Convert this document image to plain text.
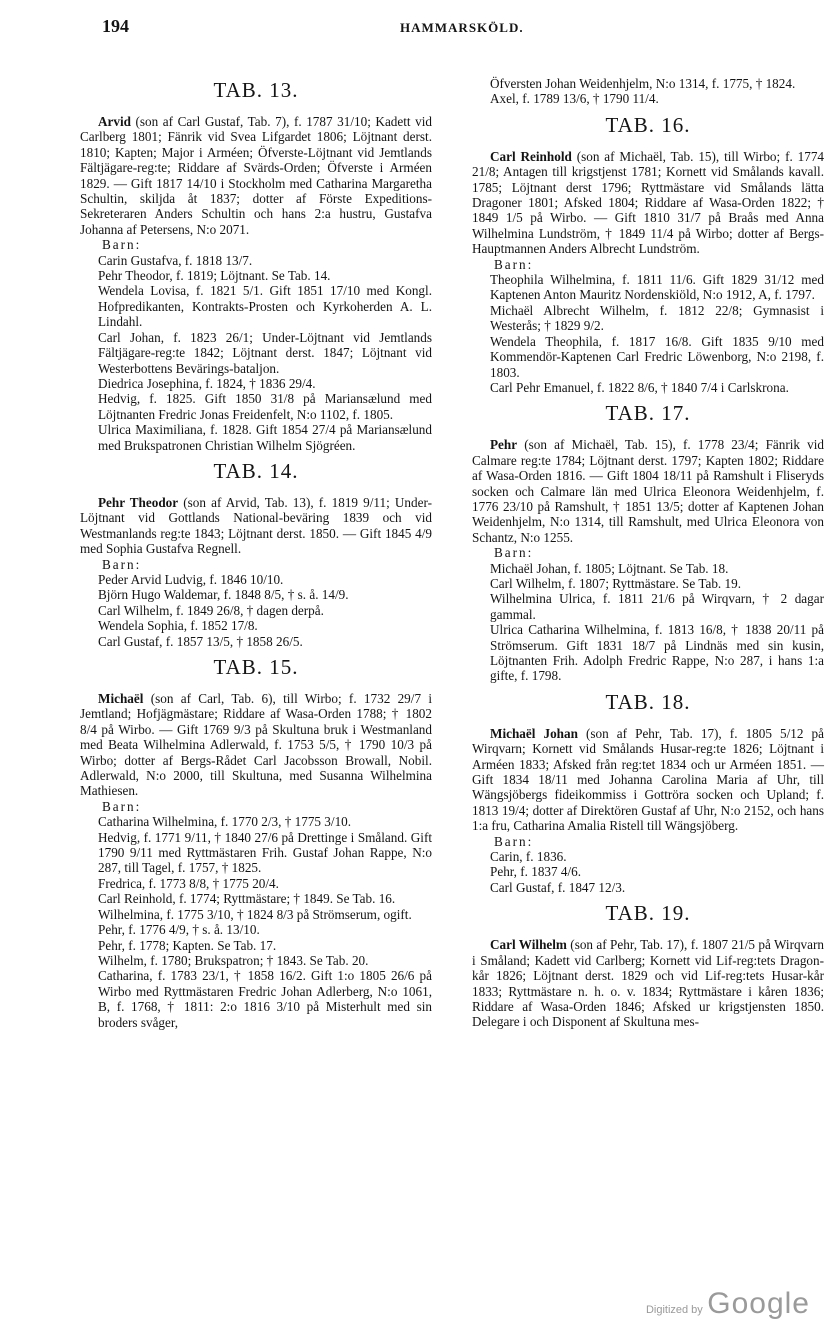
194	HAMMARSKÖLD.
TAB. 13.

Arvid (son af Carl Gustaf, Tab. 7), f. 1787 31/10; Kadett vid Carlberg 1801; Fänrik vid Svea Lifgardet 1806; Löjtnant derst. 1810; Kapten; Major i Arméen; Öfverste-Löjtnant vid Jemtlands Fältjägare-reg:te; Riddare af Svärds-Orden; Öfverste i Arméen 1829. — Gift 1817 14/10 i Stockholm med Catharina Margaretha Schultin, skiljda åt 1837; dotter af Förste Expeditions-Sekreteraren Anders Schultin och hans 2:a hustru, Gustafva Johanna af Petersens, N:o 2071.

Barn:

Carin Gustafva, f. 1818 13/7.

Pehr Theodor, f. 1819; Löjtnant. Se Tab. 14.

Wendela Lovisa, f. 1821 5/1. Gift 1851 17/10 med Kongl. Hofpredikanten, Kontrakts-Prosten och Kyrkoherden A. L. Lindahl.

Carl Johan, f. 1823 26/1; Under-Löjtnant vid Jemtlands Fältjägare-reg:te 1842; Löjtnant derst. 1847; Löjtnant vid Westerbottens Bevärings-bataljon.

Diedrica Josephina, f. 1824, † 1836 29/4.

Hedvig, f. 1825. Gift 1850 31/8 på Mariansælund med Löjtnanten Fredric Jonas Freidenfelt, N:o 1102, f. 1805.

Ulrica Maximiliana, f. 1828. Gift 1854 27/4 på Mariansælund med Brukspatronen Christian Wilhelm Sjögréen.

TAB. 14.

Pehr Theodor (son af Arvid, Tab. 13), f. 1819 9/11; Under-Löjtnant vid Gottlands National-beväring 1839 och vid Westmanlands reg:te 1843; Löjtnant derst. 1850. — Gift 1845 4/9 med Sophia Gustafva Regnell.

Barn:

Peder Arvid Ludvig, f. 1846 10/10.

Björn Hugo Waldemar, f. 1848 8/5, † s. å. 14/9.

Carl Wilhelm, f. 1849 26/8, † dagen derpå.

Wendela Sophia, f. 1852 17/8.

Carl Gustaf, f. 1857 13/5, † 1858 26/5.

TAB. 15.

Michaël (son af Carl, Tab. 6), till Wirbo; f. 1732 29/7 i Jemtland; Hofjägmästare; Riddare af Wasa-Orden 1788; † 1802 8/4 på Wirbo. — Gift 1769 9/3 på Skultuna bruk i Westmanland med Beata Wilhelmina Adlerwald, f. 1753 5/5, † 1790 10/3 på Wirbo; dotter af Bergs-Rådet Carl Jacobsson Browall, Nobil. Adlerwald, N:o 2000, till Skultuna, med Susanna Wilhelmina Mathiesen.

Barn:

Catharina Wilhelmina, f. 1770 2/3, † 1775 3/10.

Hedvig, f. 1771 9/11, † 1840 27/6 på Drettinge i Småland. Gift 1790 9/11 med Ryttmästaren Frih. Gustaf Johan Rappe, N:o 287, till Tagel, f. 1757, † 1825.

Fredrica, f. 1773 8/8, † 1775 20/4.

Carl Reinhold, f. 1774; Ryttmästare; † 1849. Se Tab. 16.

Wilhelmina, f. 1775 3/10, † 1824 8/3 på Strömserum, ogift.

Pehr, f. 1776 4/9, † s. å. 13/10.

Pehr, f. 1778; Kapten. Se Tab. 17.

Wilhelm, f. 1780; Brukspatron; † 1843. Se Tab. 20.

Catharina, f. 1783 23/1, † 1858 16/2. Gift 1:o 1805 26/6 på Wirbo med Ryttmästaren Fredric Johan Adlerberg, N:o 1061, B, f. 1768, † 1811: 2:o 1816 3/10 på Misterhult med sin broders svåger,

Öfversten Johan Weidenhjelm, N:o 1314, f. 1775, † 1824.

Axel, f. 1789 13/6, † 1790 11/4.

TAB. 16.

Carl Reinhold (son af Michaël, Tab. 15), till Wirbo; f. 1774 21/8; Antagen till krigstjenst 1781; Kornett vid Smålands kavall. 1785; Löjtnant derst 1796; Ryttmästare vid Smålands lätta Dragoner 1801; Afsked 1804; Riddare af Wasa-Orden 1822; † 1849 1/5 på Wirbo. — Gift 1810 31/7 på Braås med Anna Wilhelmina Lundström, † 1849 11/4 på Wirbo; dotter af Bergs-Hauptmannen Anders Albrecht Lundström.

Barn:

Theophila Wilhelmina, f. 1811 11/6. Gift 1829 31/12 med Kaptenen Anton Mauritz Nordenskiöld, N:o 1912, A, f. 1797.

Michaël Albrecht Wilhelm, f. 1812 22/8; Gymnasist i Westerås; † 1829 9/2.

Wendela Theophila, f. 1817 16/8. Gift 1835 9/10 med Kommendör-Kaptenen Carl Fredric Löwenborg, N:o 2198, f. 1803.

Carl Pehr Emanuel, f. 1822 8/6, † 1840 7/4 i Carlskrona.

TAB. 17.

Pehr (son af Michaël, Tab. 15), f. 1778 23/4; Fänrik vid Calmare reg:te 1784; Löjtnant derst. 1797; Kapten 1802; Riddare af Wasa-Orden 1816. — Gift 1804 18/11 på Ramshult i Fliseryds socken och Calmare län med Ulrica Eleonora Weidenhjelm, f. 1776 23/10 på Ramshult, † 1851 13/5; dotter af Kaptenen Johan Weidenhjelm, N:o 1314, till Ramshult, med Ulrica Eleonora von Schantz, N:o 1255.

Barn:

Michaël Johan, f. 1805; Löjtnant. Se Tab. 18.

Carl Wilhelm, f. 1807; Ryttmästare. Se Tab. 19.

Wilhelmina Ulrica, f. 1811 21/6 på Wirqvarn, † 2 dagar gammal.

Ulrica Catharina Wilhelmina, f. 1813 16/8, † 1838 20/11 på Strömserum. Gift 1831 18/7 på Lindnäs med sin kusin, Löjtnanten Frih. Adolph Fredric Rappe, N:o 287, i hans 1:a gifte, f. 1798.

TAB. 18.

Michaël Johan (son af Pehr, Tab. 17), f. 1805 5/12 på Wirqvarn; Kornett vid Smålands Husar-reg:te 1826; Löjtnant i Arméen 1833; Afsked från reg:tet 1834 och ur Arméen 1851. — Gift 1834 18/11 med Johanna Carolina Maria af Uhr, till Wängsjöbergs fideikommiss i Gottröra socken och Upland; f. 1813 19/4; dotter af Direktören Gustaf af Uhr, N:o 2152, och hans 1:a fru, Catharina Amalia Ristell till Wängsjöberg.

Barn:

Carin, f. 1836.

Pehr, f. 1837 4/6.

Carl Gustaf, f. 1847 12/3.

TAB. 19.

Carl Wilhelm (son af Pehr, Tab. 17), f. 1807 21/5 på Wirqvarn i Småland; Kadett vid Carlberg; Kornett vid Lif-reg:tets Dragon-kår 1826; Löjtnant derst. 1829 och vid Lif-reg:tets Husar-kår 1833; Ryttmästare n. h. o. v. 1834; Ryttmästare i kåren 1836; Riddare af Wasa-Orden 1846; Afsked ur krigstjensten 1850. Delegare i och Disponent af Skultuna mes-

Digitized by Google
